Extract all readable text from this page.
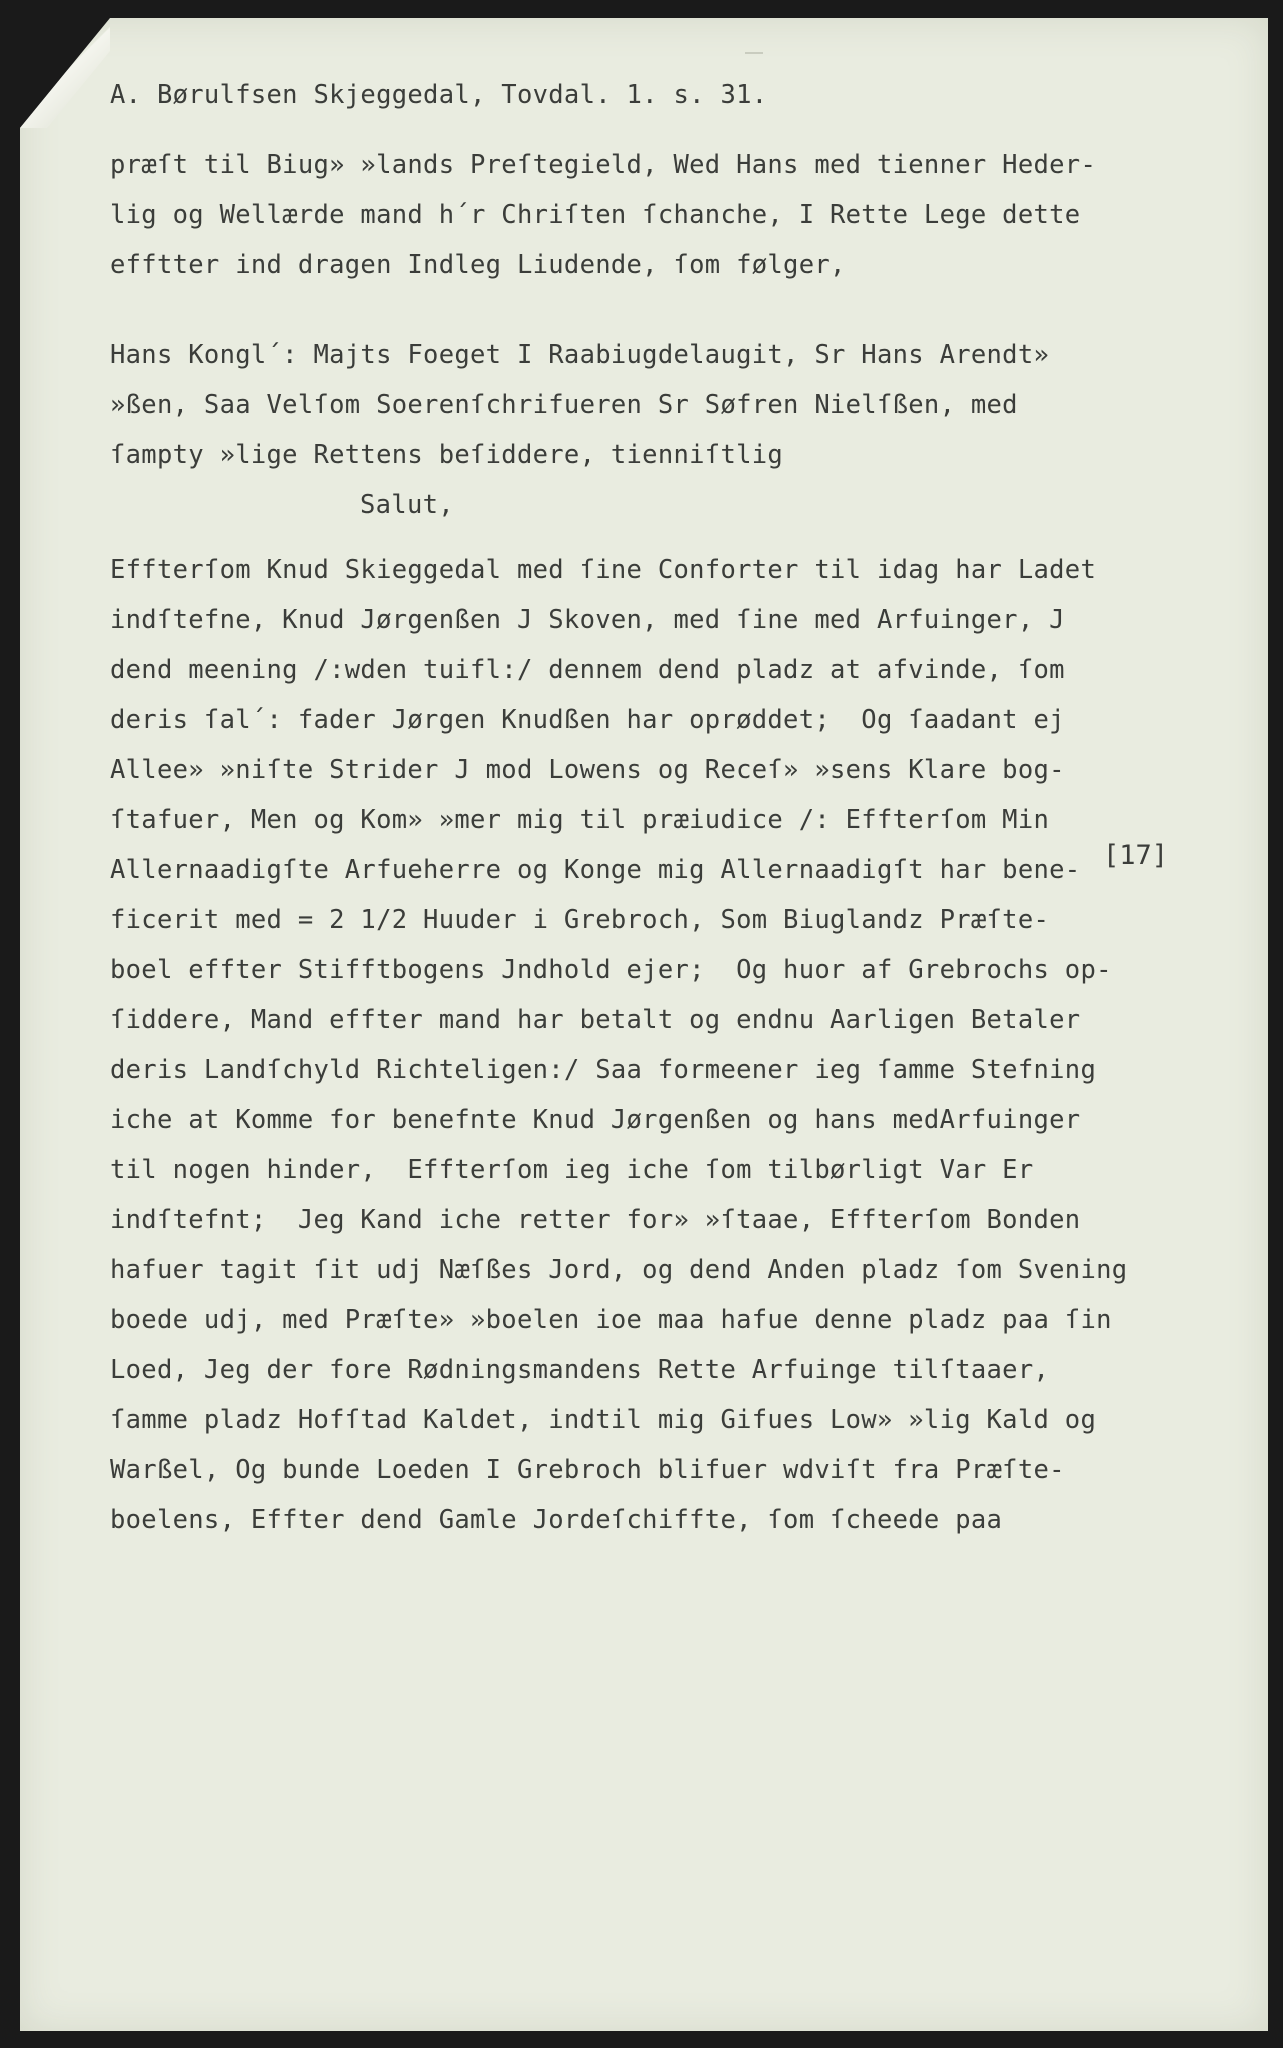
A. Børulfsen Skjeggedal, Tovdal. 1. s. 31.
præſt til Biug» »lands Preſtegield, Wed Hans med tienner Heder-
lig og Wellærde mand h´r Chriſten ſchanche, I Rette Lege dette
efftter ind dragen Indleg Liudende, ſom følger,
Hans Kongl´: Majts Foeget I Raabiugdelaugit, Sr Hans Arendt»
»ßen, Saa Velſom Soerenſchrifueren Sr Søfren Nielſßen, med
ſampty »lige Rettens beſiddere, tienniſtlig
Salut,
Effterſom Knud Skieggedal med ſine Conforter til idag har Ladet
indſtefne, Knud Jørgenßen J Skoven, med ſine med Arfuinger, J
dend meening /:wden tuifl:/ dennem dend pladz at afvinde, ſom
deris ſal´: fader Jørgen Knudßen har oprøddet;  Og ſaadant ej
Allee» »niſte Strider J mod Lowens og Receſ» »sens Klare bog-
ſtafuer, Men og Kom» »mer mig til præiudice /: Effterſom Min
Allernaadigſte Arfueherre og Konge mig Allernaadigſt har bene-
ficerit med = 2 1/2 Huuder i Grebroch, Som Biuglandz Præſte-
boel effter Stifftbogens Jndhold ejer;  Og huor af Grebrochs op-
ſiddere, Mand effter mand har betalt og endnu Aarligen Betaler
deris Landſchyld Richteligen:/ Saa formeener ieg ſamme Stefning
iche at Komme for benefnte Knud Jørgenßen og hans medArfuinger
til nogen hinder,  Effterſom ieg iche ſom tilbørligt Var Er
indſtefnt;  Jeg Kand iche retter for» »ſtaae, Effterſom Bonden
hafuer tagit ſit udj Næſßes Jord, og dend Anden pladz ſom Svening
boede udj, med Præſte» »boelen ioe maa hafue denne pladz paa ſin
Loed, Jeg der fore Rødningsmandens Rette Arfuinge tilſtaaer,
ſamme pladz Hofſtad Kaldet, indtil mig Gifues Low» »lig Kald og
Warßel, Og bunde Loeden I Grebroch blifuer wdviſt fra Præſte-
boelens, Effter dend Gamle Jordeſchiffte, ſom ſcheede paa
[17]
